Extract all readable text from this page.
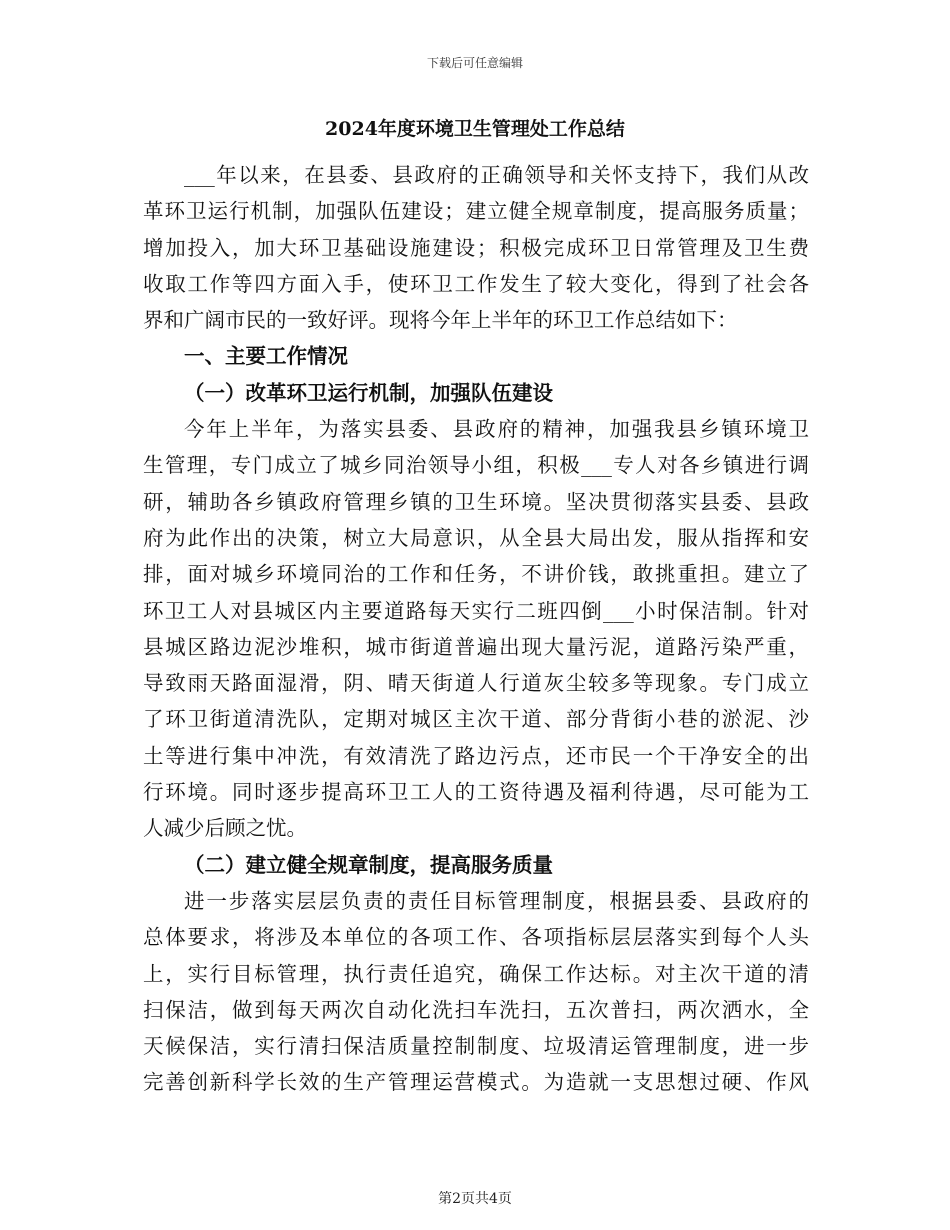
下载后可任意编辑
2024年度环境卫生管理处工作总结
___年以来，在县委、县政府的正确领导和关怀支持下，我们从改
革环卫运行机制，加强队伍建设；建立健全规章制度，提高服务质量；
增加投入，加大环卫基础设施建设；积极完成环卫日常管理及卫生费
收取工作等四方面入手，使环卫工作发生了较大变化，得到了社会各
界和广阔市民的一致好评。现将今年上半年的环卫工作总结如下：
一、主要工作情况
（一）改革环卫运行机制，加强队伍建设
今年上半年，为落实县委、县政府的精神，加强我县乡镇环境卫
生管理，专门成立了城乡同治领导小组，积极___专人对各乡镇进行调
研，辅助各乡镇政府管理乡镇的卫生环境。坚决贯彻落实县委、县政
府为此作出的决策，树立大局意识，从全县大局出发，服从指挥和安
排，面对城乡环境同治的工作和任务，不讲价钱，敢挑重担。建立了
环卫工人对县城区内主要道路每天实行二班四倒___小时保洁制。针对
县城区路边泥沙堆积，城市街道普遍出现大量污泥，道路污染严重，
导致雨天路面湿滑，阴、晴天街道人行道灰尘较多等现象。专门成立
了环卫街道清洗队，定期对城区主次干道、部分背街小巷的淤泥、沙
土等进行集中冲洗，有效清洗了路边污点，还市民一个干净安全的出
行环境。同时逐步提高环卫工人的工资待遇及福利待遇，尽可能为工
人减少后顾之忧。
（二）建立健全规章制度，提高服务质量
进一步落实层层负责的责任目标管理制度，根据县委、县政府的
总体要求，将涉及本单位的各项工作、各项指标层层落实到每个人头
上，实行目标管理，执行责任追究，确保工作达标。对主次干道的清
扫保洁，做到每天两次自动化洗扫车洗扫，五次普扫，两次洒水，全
天候保洁，实行清扫保洁质量控制制度、垃圾清运管理制度，进一步
完善创新科学长效的生产管理运营模式。为造就一支思想过硬、作风
第2页共4页
